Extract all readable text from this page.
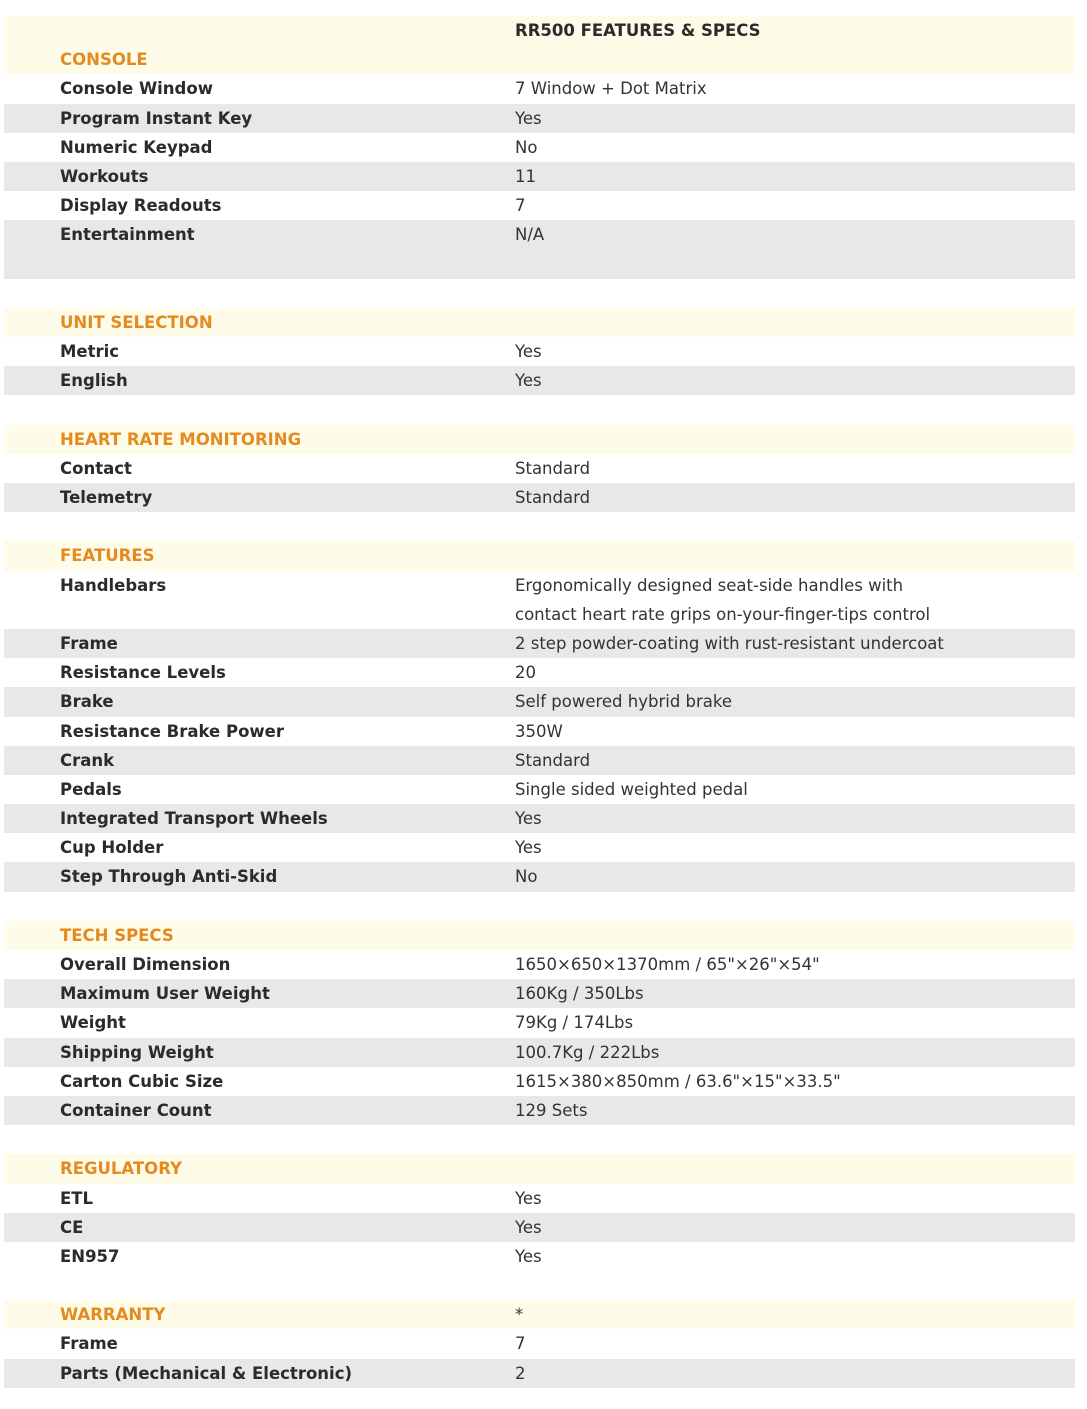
RR500 FEATURES & SPECS
CONSOLE
Console Window	7 Window + Dot Matrix
Program Instant Key	Yes
Numeric Keypad	No
Workouts	11
Display Readouts	7
Entertainment	N/A
UNIT SELECTION
Metric	Yes
English	Yes
HEART RATE MONITORING
Contact	Standard
Telemetry	Standard
FEATURES
Handlebars	Ergonomically designed seat-side handles with contact heart rate grips on-your-finger-tips control
Frame	2 step powder-coating with rust-resistant undercoat
Resistance Levels	20
Brake	Self powered hybrid brake
Resistance Brake Power	350W
Crank	Standard
Pedals	Single sided weighted pedal
Integrated Transport Wheels	Yes
Cup Holder	Yes
Step Through Anti-Skid	No
TECH SPECS
Overall Dimension	1650×650×1370mm / 65"×26"×54"
Maximum User Weight	160Kg / 350Lbs
Weight	79Kg / 174Lbs
Shipping Weight	100.7Kg / 222Lbs
Carton Cubic Size	1615×380×850mm / 63.6"×15"×33.5"
Container Count	129 Sets
REGULATORY
ETL	Yes
CE	Yes
EN957	Yes
WARRANTY	*
Frame	7
Parts (Mechanical & Electronic)	2
